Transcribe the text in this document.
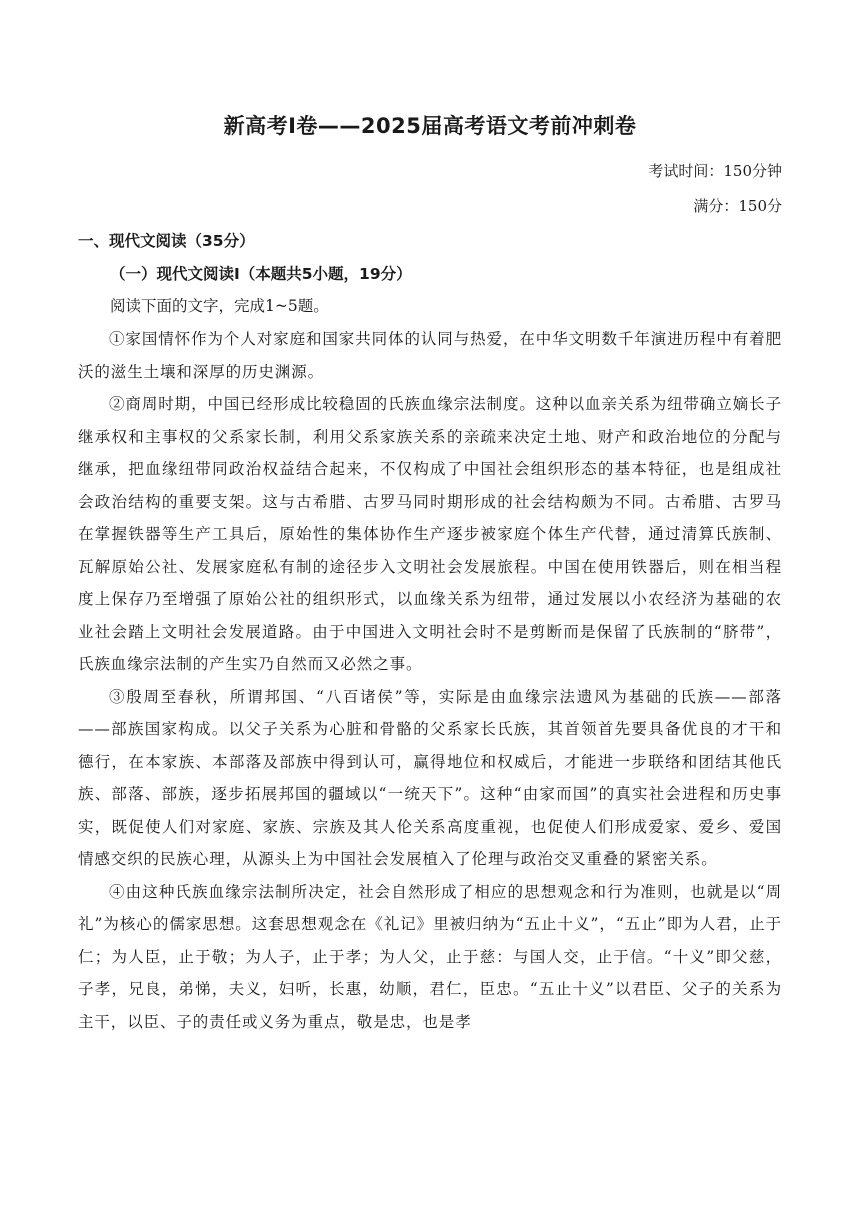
新高考Ⅰ卷——2025届高考语文考前冲刺卷
考试时间：150分钟
满分：150分
一、现代文阅读（35分）
（一）现代文阅读Ⅰ（本题共5小题，19分）
阅读下面的文字，完成1~5题。

①家国情怀作为个人对家庭和国家共同体的认同与热爱，在中华文明数千年演进历程中有着肥沃的滋生土壤和深厚的历史渊源。

②商周时期，中国已经形成比较稳固的氏族血缘宗法制度。这种以血亲关系为纽带确立嫡长子继承权和主事权的父系家长制，利用父系家族关系的亲疏来决定土地、财产和政治地位的分配与继承，把血缘纽带同政治权益结合起来，不仅构成了中国社会组织形态的基本特征，也是组成社会政治结构的重要支架。这与古希腊、古罗马同时期形成的社会结构颇为不同。古希腊、古罗马在掌握铁器等生产工具后，原始性的集体协作生产逐步被家庭个体生产代替，通过清算氏族制、瓦解原始公社、发展家庭私有制的途径步入文明社会发展旅程。中国在使用铁器后，则在相当程度上保存乃至增强了原始公社的组织形式，以血缘关系为纽带，通过发展以小农经济为基础的农业社会踏上文明社会发展道路。由于中国进入文明社会时不是剪断而是保留了氏族制的“脐带”，氏族血缘宗法制的产生实乃自然而又必然之事。

③殷周至春秋，所谓邦国、“八百诸侯”等，实际是由血缘宗法遗风为基础的氏族——部落——部族国家构成。以父子关系为心脏和骨骼的父系家长氏族，其首领首先要具备优良的才干和德行，在本家族、本部落及部族中得到认可，赢得地位和权威后，才能进一步联络和团结其他氏族、部落、部族，逐步拓展邦国的疆域以“一统天下”。这种“由家而国”的真实社会进程和历史事实，既促使人们对家庭、家族、宗族及其人伦关系高度重视，也促使人们形成爱家、爱乡、爱国情感交织的民族心理，从源头上为中国社会发展植入了伦理与政治交叉重叠的紧密关系。

④由这种氏族血缘宗法制所决定，社会自然形成了相应的思想观念和行为准则，也就是以“周礼”为核心的儒家思想。这套思想观念在《礼记》里被归纳为“五止十义”，“五止”即为人君，止于仁；为人臣，止于敬；为人子，止于孝；为人父，止于慈：与国人交，止于信。“十义”即父慈，子孝，兄良，弟悌，夫义，妇听，长惠，幼顺，君仁，臣忠。“五止十义”以君臣、父子的关系为主干，以臣、子的责任或义务为重点，敬是忠，也是孝
